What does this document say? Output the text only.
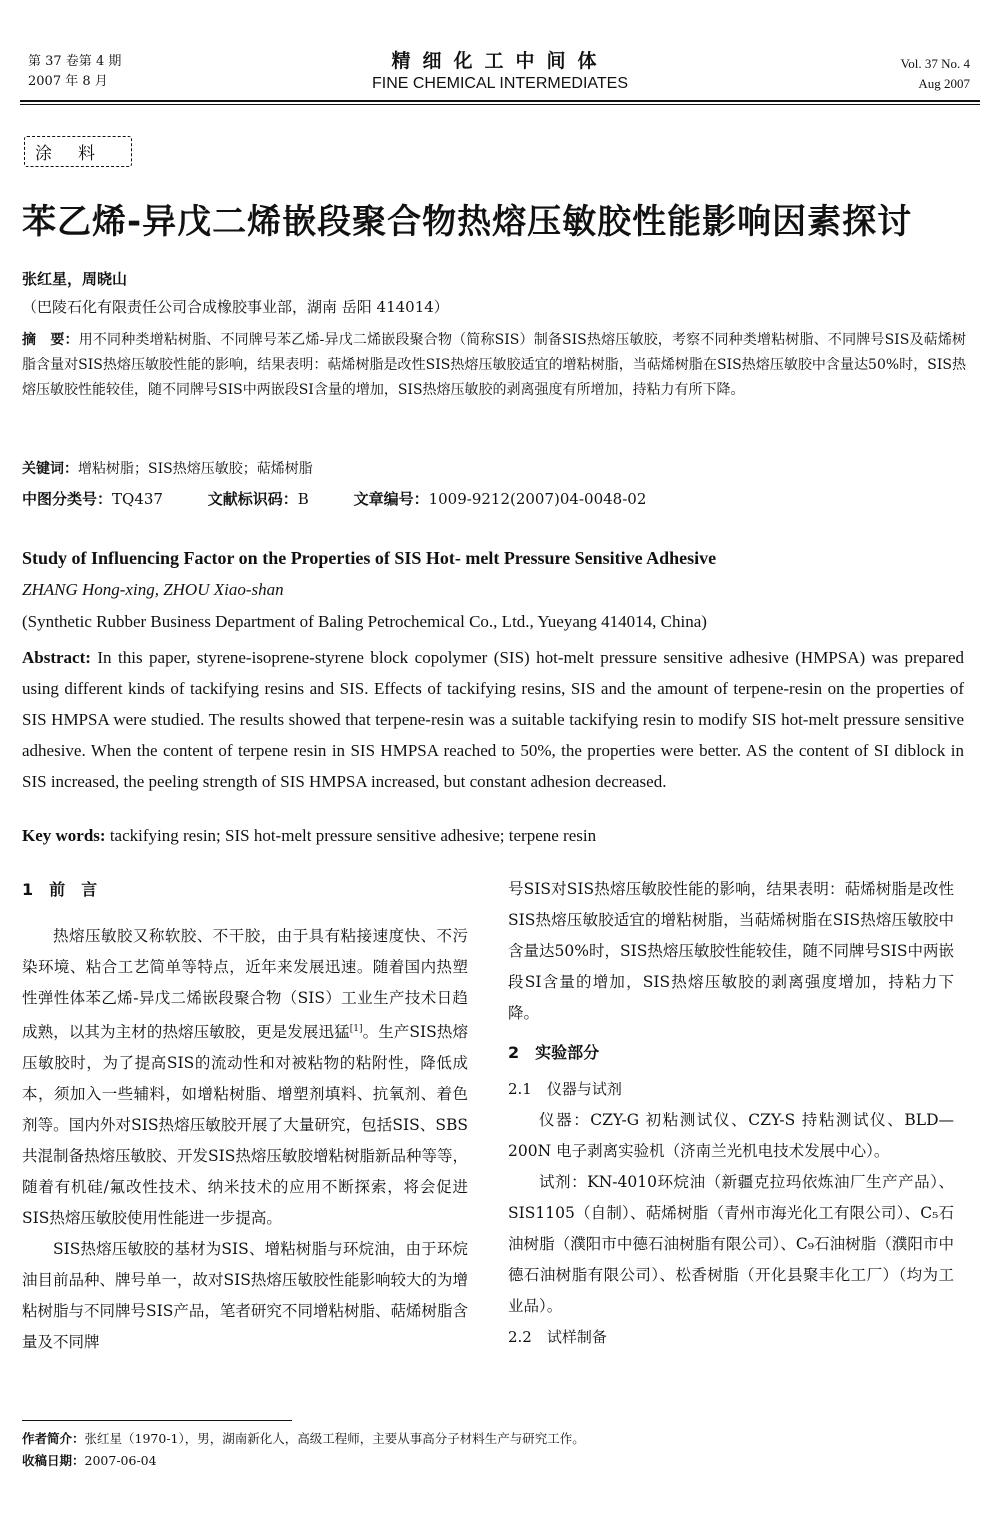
第 37 卷第 4 期
2007 年 8 月
精细化工中间体
FINE CHEMICAL INTERMEDIATES
Vol. 37 No. 4
Aug 2007
涂料
苯乙烯-异戊二烯嵌段聚合物热熔压敏胶性能影响因素探讨
张红星，周晓山
（巴陵石化有限责任公司合成橡胶事业部，湖南 岳阳 414014）
摘　要：用不同种类增粘树脂、不同牌号苯乙烯-异戊二烯嵌段聚合物（简称SIS）制备SIS热熔压敏胶，考察不同种类增粘树脂、不同牌号SIS及萜烯树脂含量对SIS热熔压敏胶性能的影响，结果表明：萜烯树脂是改性SIS热熔压敏胶适宜的增粘树脂，当萜烯树脂在SIS热熔压敏胶中含量达50%时，SIS热熔压敏胶性能较佳，随不同牌号SIS中两嵌段SI含量的增加，SIS热熔压敏胶的剥离强度有所增加，持粘力有所下降。
关键词：增粘树脂；SIS热熔压敏胶；萜烯树脂
中图分类号：TQ437	文献标识码：B	文章编号：1009-9212(2007)04-0048-02
Study of Influencing Factor on the Properties of SIS Hot- melt Pressure Sensitive Adhesive
ZHANG Hong-xing, ZHOU Xiao-shan
(Synthetic Rubber Business Department of Baling Petrochemical Co., Ltd., Yueyang 414014, China)
Abstract: In this paper, styrene-isoprene-styrene block copolymer (SIS) hot-melt pressure sensitive adhesive (HMPSA) was prepared using different kinds of tackifying resins and SIS. Effects of tackifying resins, SIS and the amount of terpene-resin on the properties of SIS HMPSA were studied. The results showed that terpene-resin was a suitable tackifying resin to modify SIS hot-melt pressure sensitive adhesive. When the content of terpene resin in SIS HMPSA reached to 50%, the properties were better. AS the content of SI diblock in SIS increased, the peeling strength of SIS HMPSA increased, but constant adhesion decreased.
Key words: tackifying resin; SIS hot-melt pressure sensitive adhesive; terpene resin

1　前　言

热熔压敏胶又称软胶、不干胶，由于具有粘接速度快、不污染环境、粘合工艺简单等特点，近年来发展迅速。随着国内热塑性弹性体苯乙烯-异戊二烯嵌段聚合物（SIS）工业生产技术日趋成熟，以其为主材的热熔压敏胶，更是发展迅猛[1]。生产SIS热熔压敏胶时，为了提高SIS的流动性和对被粘物的粘附性，降低成本，须加入一些辅料，如增粘树脂、增塑剂填料、抗氧剂、着色剂等。国内外对SIS热熔压敏胶开展了大量研究，包括SIS、SBS共混制备热熔压敏胶、开发SIS热熔压敏胶增粘树脂新品种等等，随着有机硅/氟改性技术、纳米技术的应用不断探索，将会促进SIS热熔压敏胶使用性能进一步提高。

SIS热熔压敏胶的基材为SIS、增粘树脂与环烷油，由于环烷油目前品种、牌号单一，故对SIS热熔压敏胶性能影响较大的为增粘树脂与不同牌号SIS产品，笔者研究不同增粘树脂、萜烯树脂含量及不同牌

号SIS对SIS热熔压敏胶性能的影响，结果表明：萜烯树脂是改性SIS热熔压敏胶适宜的增粘树脂，当萜烯树脂在SIS热熔压敏胶中含量达50%时，SIS热熔压敏胶性能较佳，随不同牌号SIS中两嵌段SI含量的增加，SIS热熔压敏胶的剥离强度增加，持粘力下降。

2　实验部分

2.1　仪器与试剂

仪器：CZY-G 初粘测试仪、CZY-S 持粘测试仪、BLD—200N 电子剥离实验机（济南兰光机电技术发展中心）。

试剂：KN-4010环烷油（新疆克拉玛依炼油厂生产产品）、SIS1105（自制）、萜烯树脂（青州市海光化工有限公司）、C₅石油树脂（濮阳市中德石油树脂有限公司）、C₉石油树脂（濮阳市中德石油树脂有限公司）、松香树脂（开化县聚丰化工厂）（均为工业品）。

2.2　试样制备

作者简介：张红星（1970-1），男，湖南新化人，高级工程师，主要从事高分子材料生产与研究工作。
收稿日期：2007-06-04
